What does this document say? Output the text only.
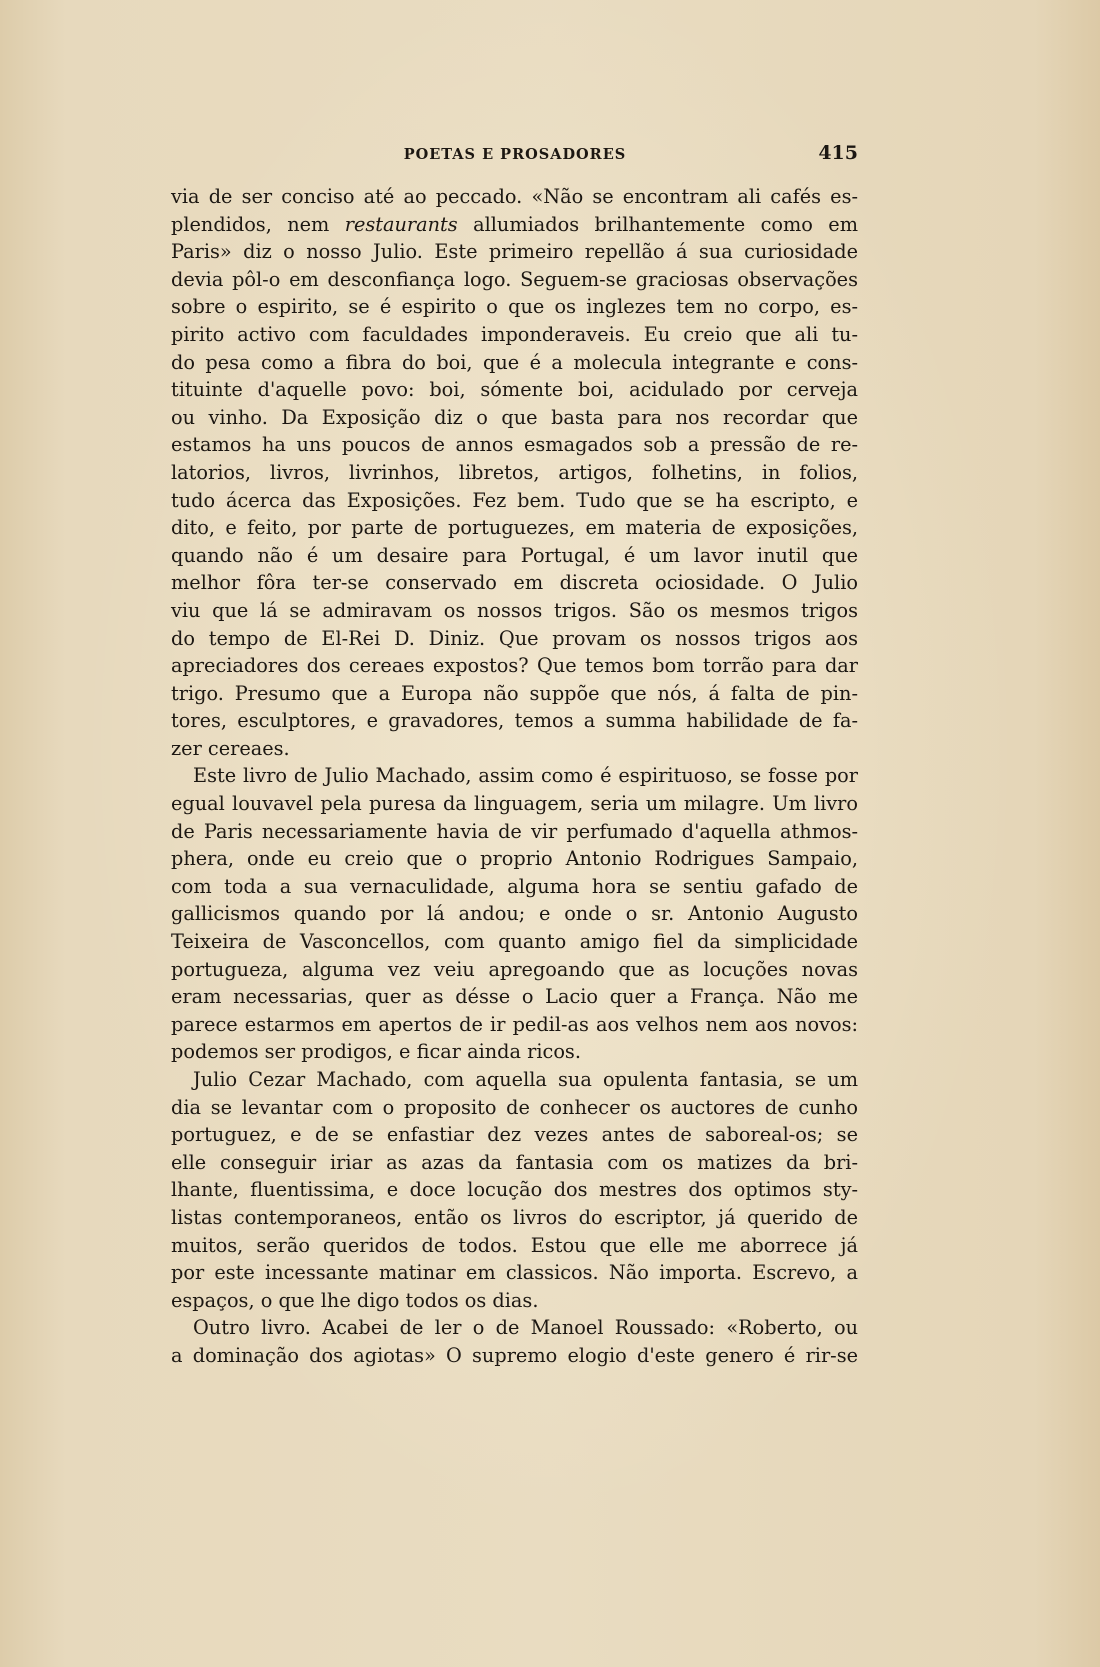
POETAS E PROSADORES	415
via de ser conciso até ao peccado. «Não se encontram ali cafés es-
plendidos, nem restaurants allumiados brilhantemente como em
Paris» diz o nosso Julio. Este primeiro repellão á sua curiosidade
devia pôl-o em desconfiança logo. Seguem-se graciosas observações
sobre o espirito, se é espirito o que os inglezes tem no corpo, es-
pirito activo com faculdades imponderaveis. Eu creio que ali tu-
do pesa como a fibra do boi, que é a molecula integrante e cons-
tituinte d'aquelle povo: boi, sómente boi, acidulado por cerveja
ou vinho. Da Exposição diz o que basta para nos recordar que
estamos ha uns poucos de annos esmagados sob a pressão de re-
latorios, livros, livrinhos, libretos, artigos, folhetins, in folios,
tudo ácerca das Exposições. Fez bem. Tudo que se ha escripto, e
dito, e feito, por parte de portuguezes, em materia de exposições,
quando não é um desaire para Portugal, é um lavor inutil que
melhor fôra ter-se conservado em discreta ociosidade. O Julio
viu que lá se admiravam os nossos trigos. São os mesmos trigos
do tempo de El-Rei D. Diniz. Que provam os nossos trigos aos
apreciadores dos cereaes expostos? Que temos bom torrão para dar
trigo. Presumo que a Europa não suppõe que nós, á falta de pin-
tores, esculptores, e gravadores, temos a summa habilidade de fa-
zer cereaes.
Este livro de Julio Machado, assim como é espirituoso, se fosse por
egual louvavel pela puresa da linguagem, seria um milagre. Um livro
de Paris necessariamente havia de vir perfumado d'aquella athmos-
phera, onde eu creio que o proprio Antonio Rodrigues Sampaio,
com toda a sua vernaculidade, alguma hora se sentiu gafado de
gallicismos quando por lá andou; e onde o sr. Antonio Augusto
Teixeira de Vasconcellos, com quanto amigo fiel da simplicidade
portugueza, alguma vez veiu apregoando que as locuções novas
eram necessarias, quer as désse o Lacio quer a França. Não me
parece estarmos em apertos de ir pedil-as aos velhos nem aos novos:
podemos ser prodigos, e ficar ainda ricos.
Julio Cezar Machado, com aquella sua opulenta fantasia, se um
dia se levantar com o proposito de conhecer os auctores de cunho
portuguez, e de se enfastiar dez vezes antes de saboreal-os; se
elle conseguir iriar as azas da fantasia com os matizes da bri-
lhante, fluentissima, e doce locução dos mestres dos optimos sty-
listas contemporaneos, então os livros do escriptor, já querido de
muitos, serão queridos de todos. Estou que elle me aborrece já
por este incessante matinar em classicos. Não importa. Escrevo, a
espaços, o que lhe digo todos os dias.
Outro livro. Acabei de ler o de Manoel Roussado: «Roberto, ou
a dominação dos agiotas» O supremo elogio d'este genero é rir-se
